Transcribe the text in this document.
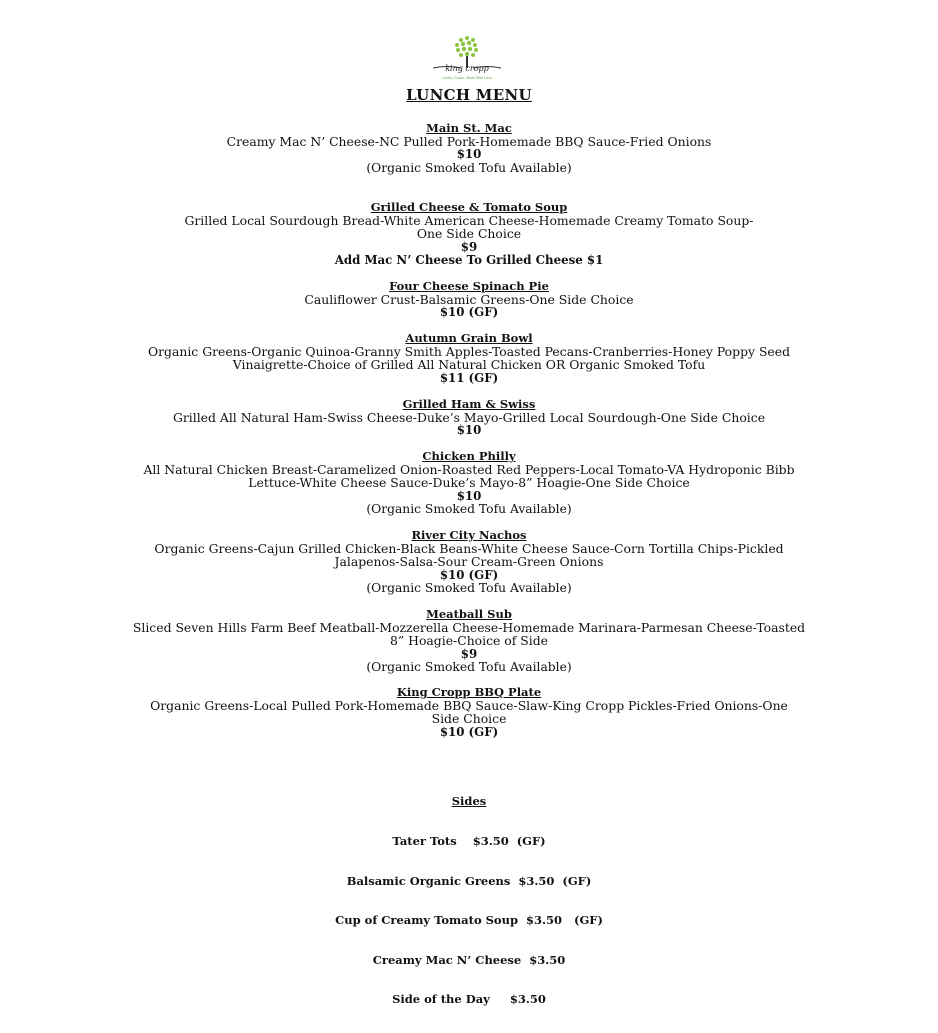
king cropp
Locally Grown. Made With Love
LUNCH MENU
Main St. Mac
Creamy Mac N’ Cheese-NC Pulled Pork-Homemade BBQ Sauce-Fried Onions
$10
(Organic Smoked Tofu Available)
Grilled Cheese & Tomato Soup
Grilled Local Sourdough Bread-White American Cheese-Homemade Creamy Tomato Soup-
One Side Choice
$9
Add Mac N’ Cheese To Grilled Cheese $1
Four Cheese Spinach Pie
Cauliflower Crust-Balsamic Greens-One Side Choice
$10 (GF)
Autumn Grain Bowl
Organic Greens-Organic Quinoa-Granny Smith Apples-Toasted Pecans-Cranberries-Honey Poppy Seed
Vinaigrette-Choice of Grilled All Natural Chicken OR Organic Smoked Tofu
$11 (GF)
Grilled Ham & Swiss
Grilled All Natural Ham-Swiss Cheese-Duke’s Mayo-Grilled Local Sourdough-One Side Choice
$10
Chicken Philly
All Natural Chicken Breast-Caramelized Onion-Roasted Red Peppers-Local Tomato-VA Hydroponic Bibb
Lettuce-White Cheese Sauce-Duke’s Mayo-8” Hoagie-One Side Choice
$10
(Organic Smoked Tofu Available)
River City Nachos
Organic Greens-Cajun Grilled Chicken-Black Beans-White Cheese Sauce-Corn Tortilla Chips-Pickled
Jalapenos-Salsa-Sour Cream-Green Onions
$10 (GF)
(Organic Smoked Tofu Available)
Meatball Sub
Sliced Seven Hills Farm Beef Meatball-Mozzerella Cheese-Homemade Marinara-Parmesan Cheese-Toasted
8” Hoagie-Choice of Side
$9
(Organic Smoked Tofu Available)
King Cropp BBQ Plate
Organic Greens-Local Pulled Pork-Homemade BBQ Sauce-Slaw-King Cropp Pickles-Fried Onions-One
Side Choice
$10 (GF)

Sides

Tater Tots    $3.50  (GF)

Balsamic Organic Greens  $3.50  (GF)

Cup of Creamy Tomato Soup  $3.50   (GF)

Creamy Mac N’ Cheese  $3.50

Side of the Day     $3.50
